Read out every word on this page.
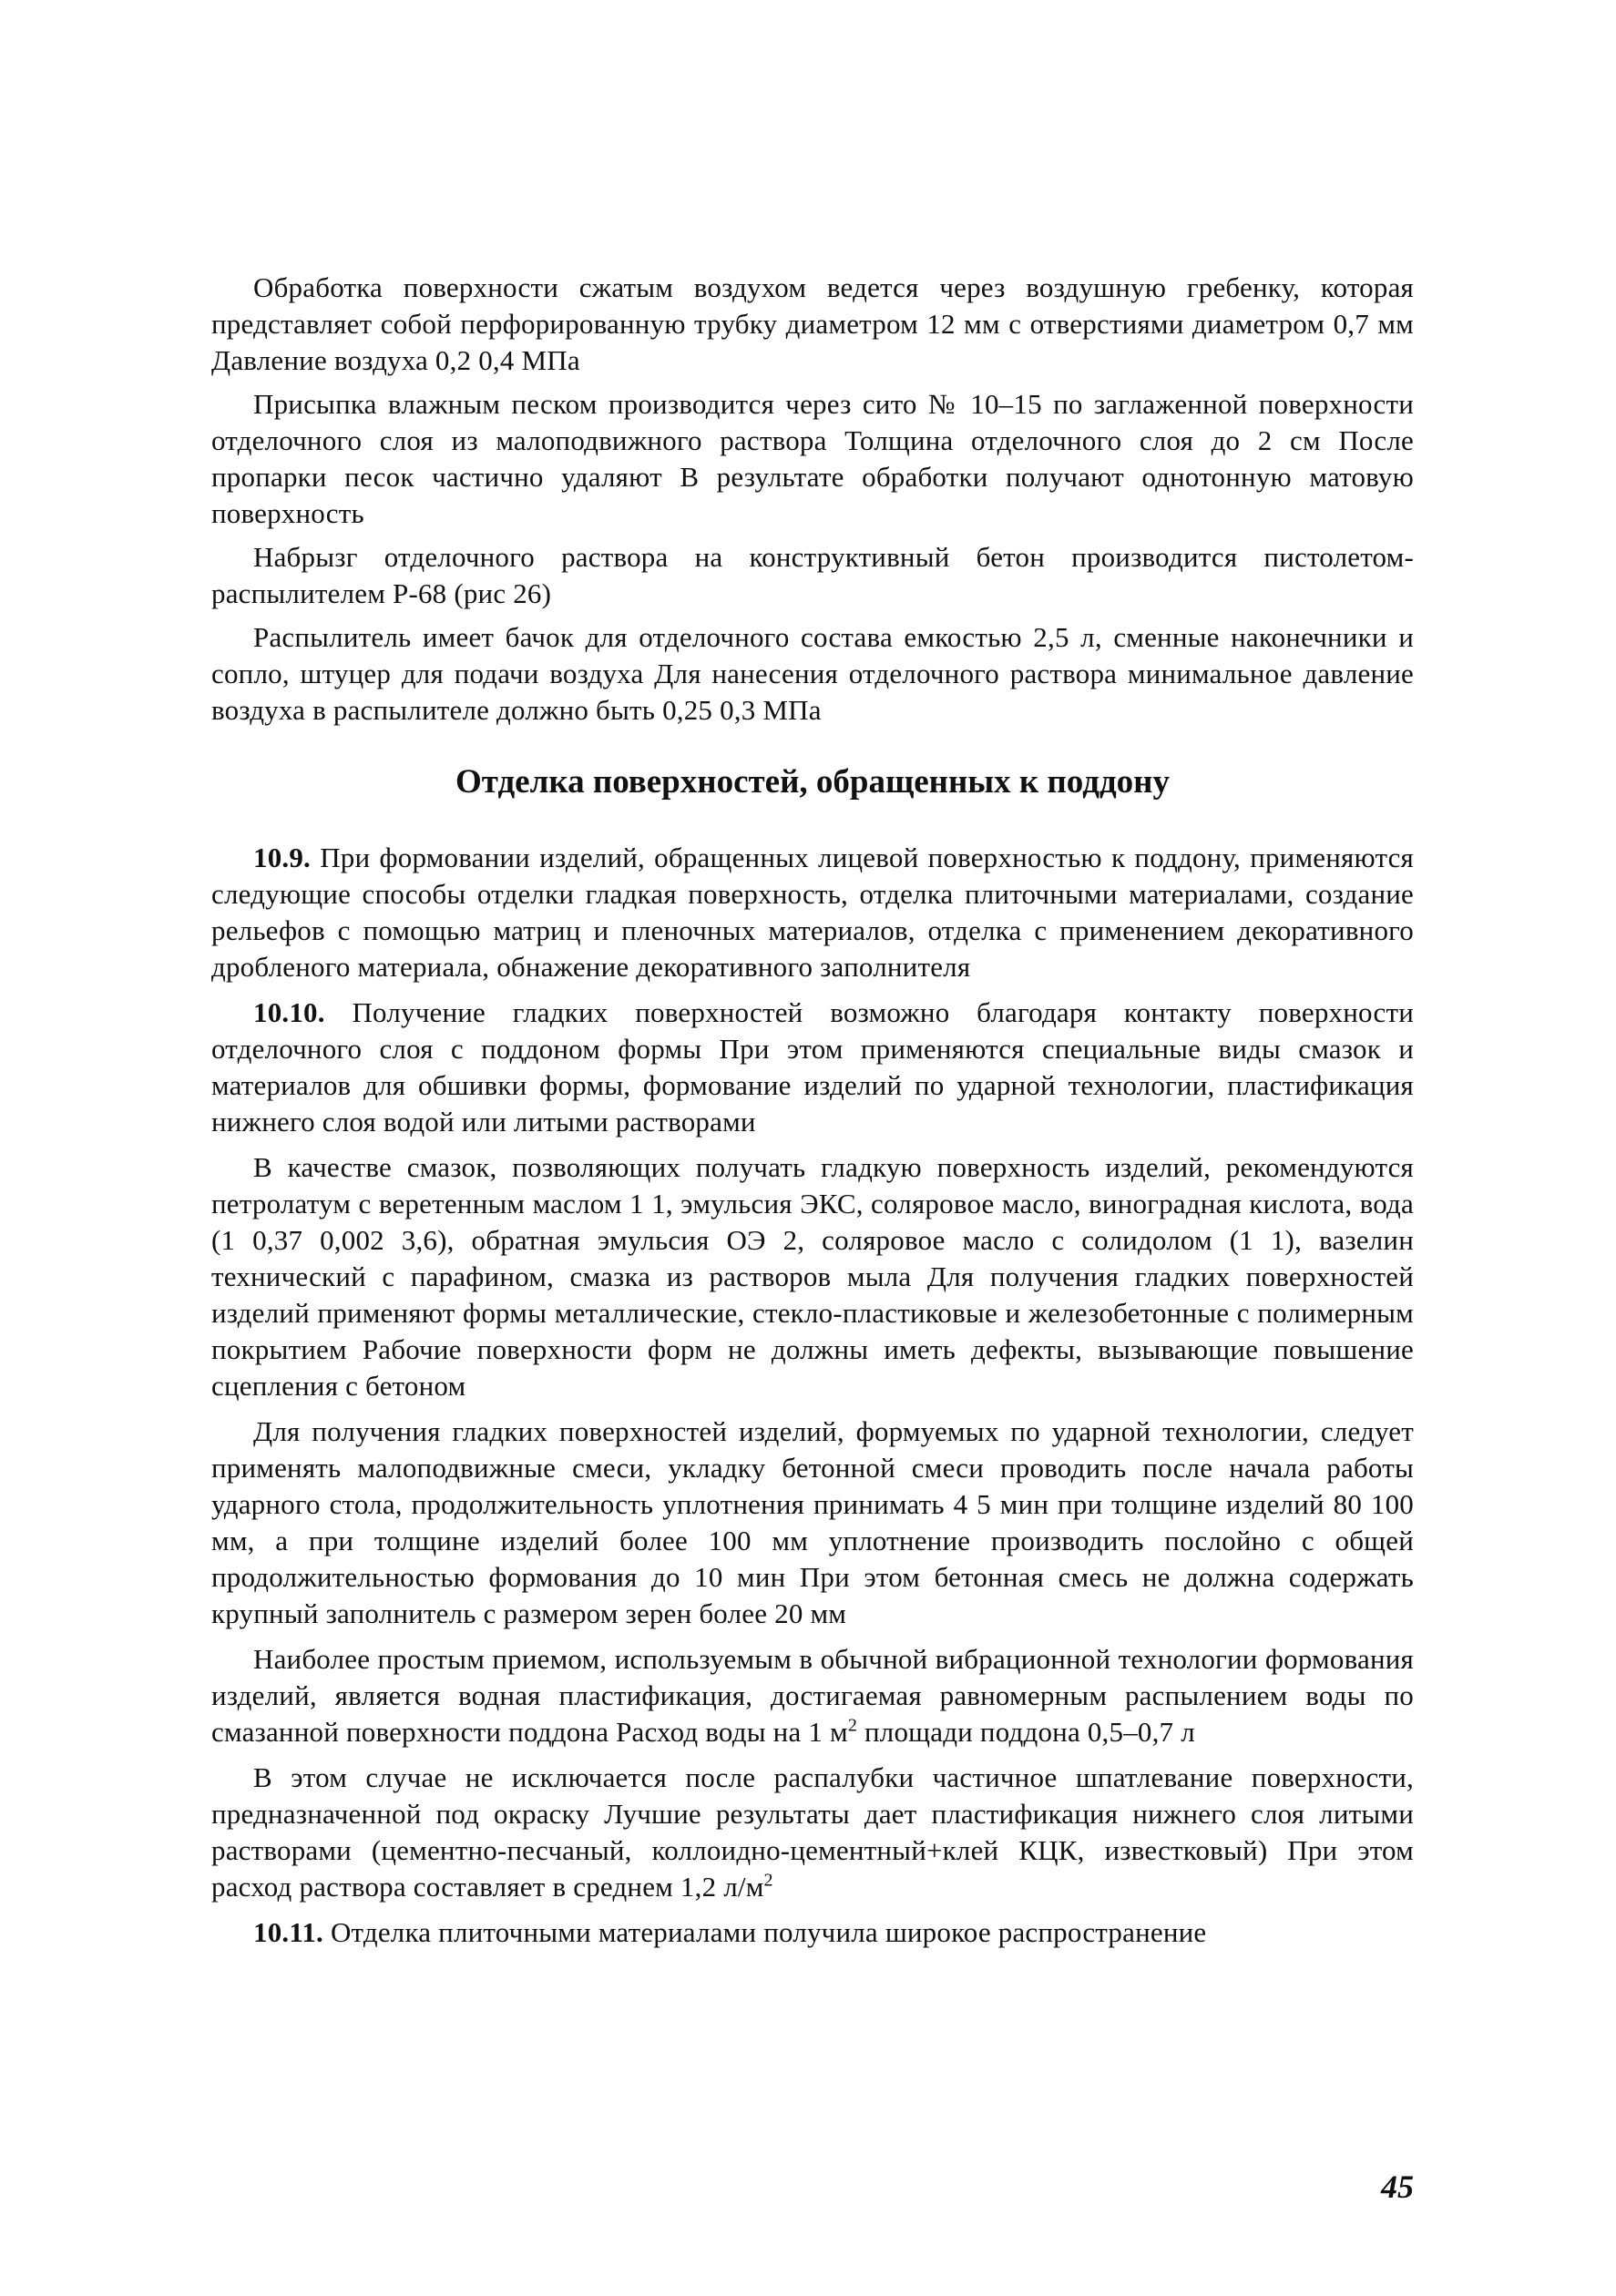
Обработка поверхности сжатым воздухом ведется через воздушную гребенку, которая представляет собой перфорированную трубку диаметром 12 мм с отверстиями диаметром 0,7 мм Давление воздуха 0,2 0,4 МПа

Присыпка влажным песком производится через сито № 10–15 по заглаженной поверхности отделочного слоя из малоподвижного раствора Толщина отделочного слоя до 2 см После пропарки песок частично удаляют В результате обработки получают однотонную матовую поверхность

Набрызг отделочного раствора на конструктивный бетон производится пистолетом-распылителем Р-68 (рис 26)

Распылитель имеет бачок для отделочного состава емкостью 2,5 л, сменные наконечники и сопло, штуцер для подачи воздуха Для нанесения отделочного раствора минимальное давление воздуха в распылителе должно быть 0,25 0,3 МПа

Отделка поверхностей, обращенных к поддону

10.9. При формовании изделий, обращенных лицевой поверхностью к поддону, применяются следующие способы отделки гладкая поверхность, отделка плиточными материалами, создание рельефов с помощью матриц и пленочных материалов, отделка с применением декоративного дробленого материала, обнажение декоративного заполнителя

10.10. Получение гладких поверхностей возможно благодаря контакту поверхности отделочного слоя с поддоном формы При этом применяются специальные виды смазок и материалов для обшивки формы, формование изделий по ударной технологии, пластификация нижнего слоя водой или литыми растворами

В качестве смазок, позволяющих получать гладкую поверхность изделий, рекомендуются петролатум с веретенным маслом 1 1, эмульсия ЭКС, соляровое масло, виноградная кислота, вода (1 0,37 0,002 3,6), обратная эмульсия ОЭ 2, соляровое масло с солидолом (1 1), вазелин технический с парафином, смазка из растворов мыла Для получения гладких поверхностей изделий применяют формы металлические, стекло-пластиковые и железобетонные с полимерным покрытием Рабочие поверхности форм не должны иметь дефекты, вызывающие повышение сцепления с бетоном

Для получения гладких поверхностей изделий, формуемых по ударной технологии, следует применять малоподвижные смеси, укладку бетонной смеси проводить после начала работы ударного стола, продолжительность уплотнения принимать 4 5 мин при толщине изделий 80 100 мм, а при толщине изделий более 100 мм уплотнение производить послойно с общей продолжительностью формования до 10 мин При этом бетонная смесь не должна содержать крупный заполнитель с размером зерен более 20 мм

Наиболее простым приемом, используемым в обычной вибрационной технологии формования изделий, является водная пластификация, достигаемая равномерным распылением воды по смазанной поверхности поддона Расход воды на 1 $м^2$ площади поддона 0,5–0,7 л

В этом случае не исключается после распалубки частичное шпатлевание поверхности, предназначенной под окраску Лучшие результаты дает пластификация нижнего слоя литыми растворами (цементно-песчаный, коллоидно-цементный+клей КЦК, известковый) При этом расход раствора составляет в среднем 1,2 $л/м^2$

10.11. Отделка плиточными материалами получила широкое распространение

45
